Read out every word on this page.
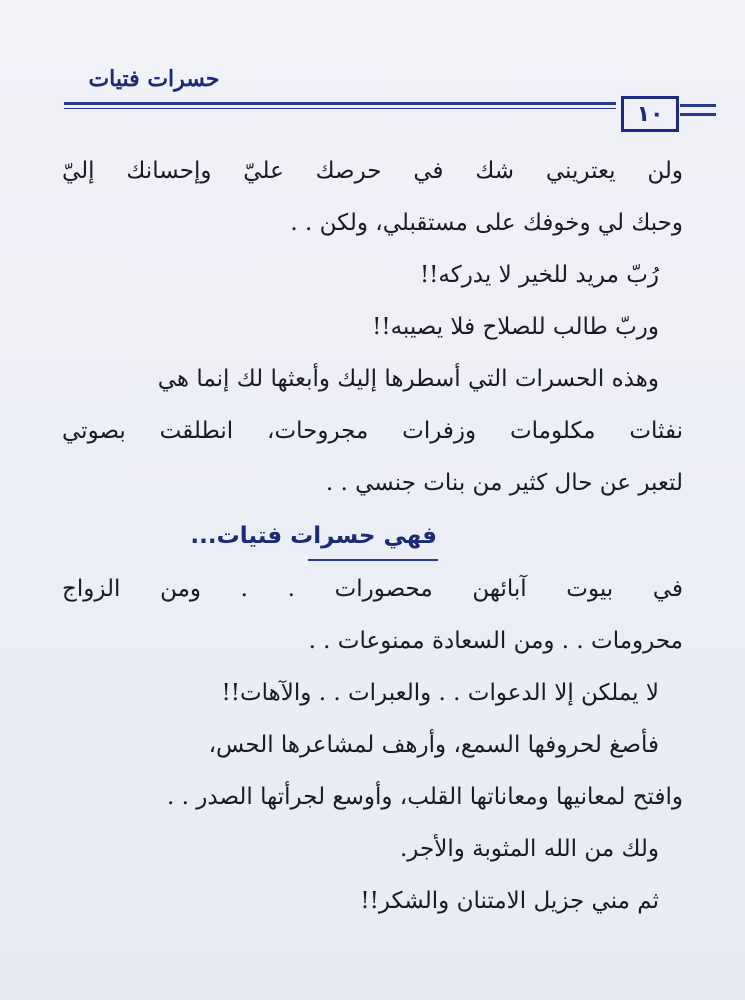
حسرات فتيات
١٠
ولن يعتريني شك في حرصك عليّ وإحسانك إليّ
وحبك لي وخوفك على مستقبلي، ولكن . .
رُبّ مريد للخير لا يدركه!!
وربّ طالب للصلاح فلا يصيبه!!
وهذه الحسرات التي أسطرها إليك وأبعثها لك إنما هي
نفثات مكلومات وزفرات مجروحات، انطلقت بصوتي
لتعبر عن حال كثير من بنات جنسي . .
فهي حسرات فتيات...
في بيوت آبائهن محصورات . . ومن الزواج
محرومات . . ومن السعادة ممنوعات . .
لا يملكن إلا الدعوات . . والعبرات . . والآهات!!
فأصغ لحروفها السمع، وأرهف لمشاعرها الحس،
وافتح لمعانيها ومعاناتها القلب، وأوسع لجرأتها الصدر . .
ولك من الله المثوبة والأجر.
ثم مني جزيل الامتنان والشكر!!
